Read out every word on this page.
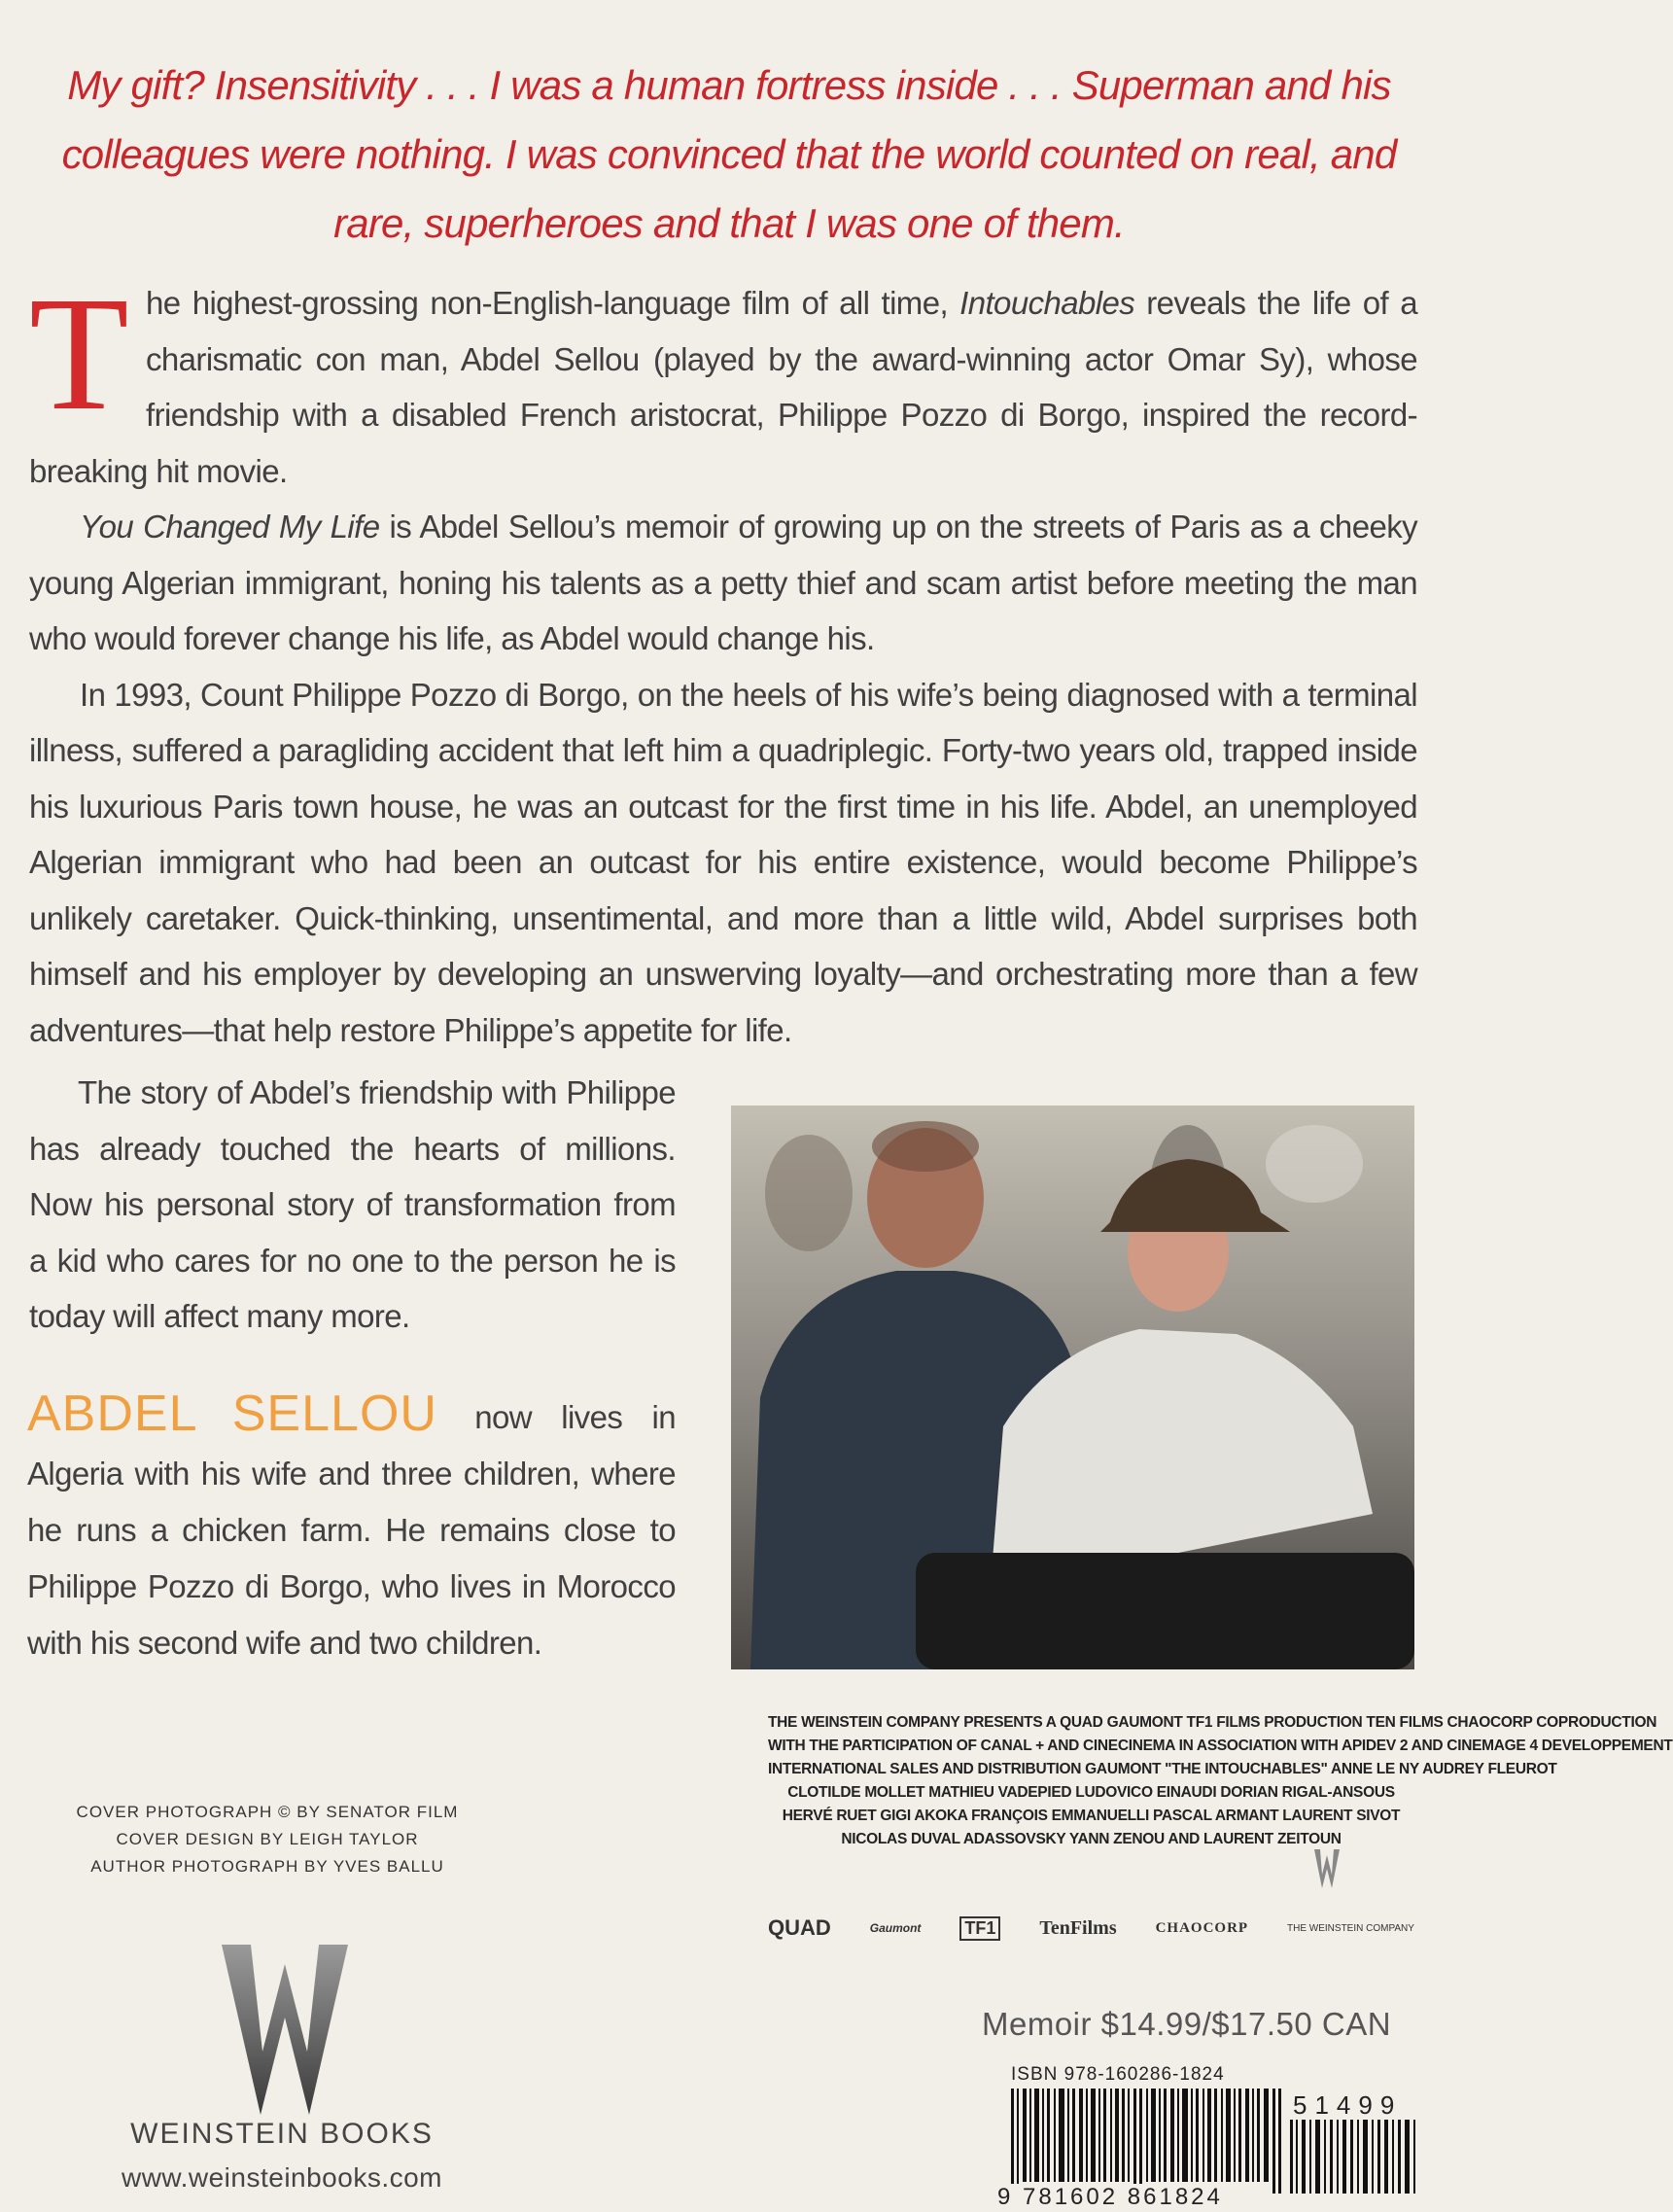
My gift? Insensitivity . . . I was a human fortress inside . . . Superman and his colleagues were nothing. I was convinced that the world counted on real, and rare, superheroes and that I was one of them.

The highest-grossing non-English-language film of all time, Intouchables reveals the life of a charismatic con man, Abdel Sellou (played by the award-winning actor Omar Sy), whose friendship with a disabled French aristocrat, Philippe Pozzo di Borgo, inspired the record-breaking hit movie.

You Changed My Life is Abdel Sellou’s memoir of growing up on the streets of Paris as a cheeky young Algerian immigrant, honing his talents as a petty thief and scam artist before meeting the man who would forever change his life, as Abdel would change his.

In 1993, Count Philippe Pozzo di Borgo, on the heels of his wife’s being diagnosed with a terminal illness, suffered a paragliding accident that left him a quadriplegic. Forty-two years old, trapped inside his luxurious Paris town house, he was an outcast for the first time in his life. Abdel, an unemployed Algerian immigrant who had been an outcast for his entire existence, would become Philippe’s unlikely caretaker. Quick-thinking, unsentimental, and more than a little wild, Abdel surprises both himself and his employer by developing an unswerving loyalty—and orchestrating more than a few adventures—that help restore Philippe’s appetite for life.

The story of Abdel’s friendship with Philippe has already touched the hearts of millions. Now his personal story of transformation from a kid who cares for no one to the person he is today will affect many more.

ABDEL SELLOU now lives in Algeria with his wife and three children, where he runs a chicken farm. He remains close to Philippe Pozzo di Borgo, who lives in Morocco with his second wife and two children.

COVER PHOTOGRAPH © BY SENATOR FILM
COVER DESIGN BY LEIGH TAYLOR
AUTHOR PHOTOGRAPH BY YVES BALLU
THE WEINSTEIN COMPANY PRESENTS A QUAD GAUMONT TF1 FILMS PRODUCTION TEN FILMS CHAOCORP COPRODUCTION
WITH THE PARTICIPATION OF CANAL + AND CINECINEMA IN ASSOCIATION WITH APIDEV 2 AND CINEMAGE 4 DEVELOPPEMENT
INTERNATIONAL SALES AND DISTRIBUTION GAUMONT "THE INTOUCHABLES" ANNE LE NY AUDREY FLEUROT
CLOTILDE MOLLET MATHIEU VADEPIED LUDOVICO EINAUDI DORIAN RIGAL-ANSOUS
HERVÉ RUET GIGI AKOKA FRANÇOIS EMMANUELLI PASCAL ARMANT LAURENT SIVOT
NICOLAS DUVAL ADASSOVSKY YANN ZENOU AND LAURENT ZEITOUN
QUAD	Gaumont TF1 TenFilms	CHAOCORP	THE WEINSTEIN COMPANY
WEINSTEIN BOOKS
www.weinsteinbooks.com
Memoir $14.99/$17.50 CAN
ISBN 978-160286-1824
51499
9 781602 861824
